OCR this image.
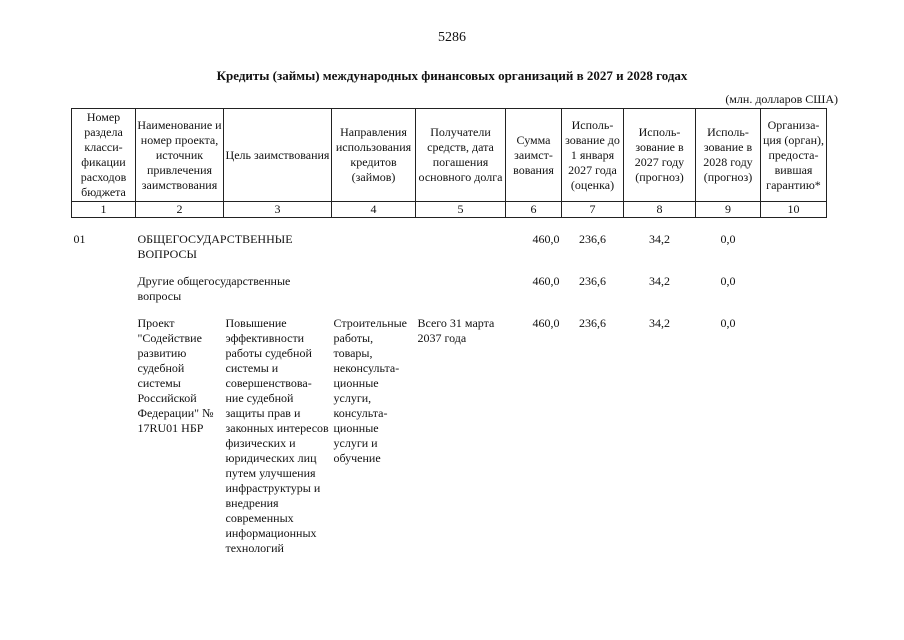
5286
Кредиты (займы) международных финансовых организаций в 2027 и 2028 годах
(млн. долларов США)
Номер раздела класси-фикации расходов бюджета	Наименование и номер проекта, источник привлечения заимствования	Цель заимствования	Направления использования кредитов (займов)	Получатели средств, дата погашения основного долга	Сумма заимст-вования	Исполь-зование до 1 января 2027 года (оценка)	Исполь-зование в 2027 году (прогноз)	Исполь-зование в 2028 году (прогноз)	Организа-ция (орган), предоста-вившая гарантию*
1	2	3	4	5	6	7	8	9	10

01	ОБЩЕГОСУДАРСТВЕННЫЕ ВОПРОСЫ				460,0	236,6	34,2	0,0	

	Другие общегосударственные вопросы				460,0	236,6	34,2	0,0	

	Проект "Содействие развитию судебной системы Российской Федерации" № 17RU01 НБР	Повышение эффективности работы судебной системы и совершенствова-ние судебной защиты прав и законных интересов физических и юридических лиц путем улучшения инфраструктуры и внедрения современных информационных технологий	Строительные работы, товары, неконсульта-ционные услуги, консульта-ционные услуги и обучение	Всего 31 марта 2037 года	460,0	236,6	34,2	0,0	
